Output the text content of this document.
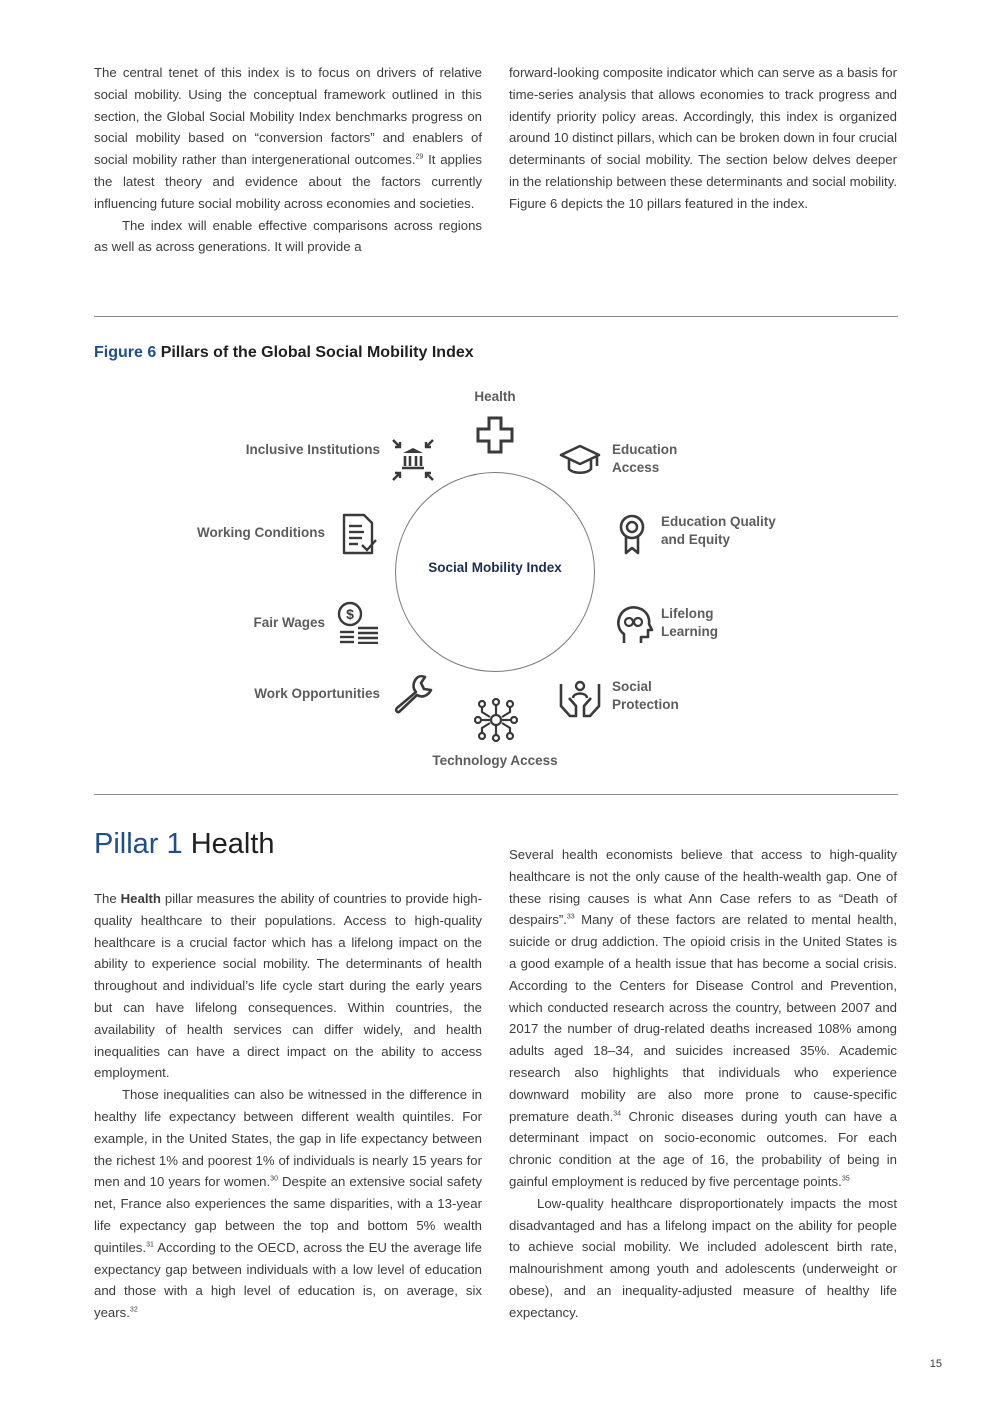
The central tenet of this index is to focus on drivers of relative social mobility. Using the conceptual framework outlined in this section, the Global Social Mobility Index benchmarks progress on social mobility based on “conversion factors” and enablers of social mobility rather than intergenerational outcomes.$^{29}$ It applies the latest theory and evidence about the factors currently influencing future social mobility across economies and societies.

The index will enable effective comparisons across regions as well as across generations. It will provide a

forward-looking composite indicator which can serve as a basis for time-series analysis that allows economies to track progress and identify priority policy areas. Accordingly, this index is organized around 10 distinct pillars, which can be broken down in four crucial determinants of social mobility. The section below delves deeper in the relationship between these determinants and social mobility. Figure 6 depicts the 10 pillars featured in the index.

Figure 6 Pillars of the Global Social Mobility Index
Social Mobility Index
Health
Education Access
Education Quality and Equity
Lifelong Learning
Social Protection
Technology Access
Work Opportunities
Fair Wages
$
Working Conditions
Inclusive Institutions
Pillar 1 Health

The Health pillar measures the ability of countries to provide high-quality healthcare to their populations. Access to high-quality healthcare is a crucial factor which has a lifelong impact on the ability to experience social mobility. The determinants of health throughout and individual’s life cycle start during the early years but can have lifelong consequences. Within countries, the availability of health services can differ widely, and health inequalities can have a direct impact on the ability to access employment.

Those inequalities can also be witnessed in the difference in healthy life expectancy between different wealth quintiles. For example, in the United States, the gap in life expectancy between the richest 1% and poorest 1% of individuals is nearly 15 years for men and 10 years for women.$^{30}$ Despite an extensive social safety net, France also experiences the same disparities, with a 13-year life expectancy gap between the top and bottom 5% wealth quintiles.$^{31}$ According to the OECD, across the EU the average life expectancy gap between individuals with a low level of education and those with a high level of education is, on average, six years.$^{32}$

Several health economists believe that access to high-quality healthcare is not the only cause of the health-wealth gap. One of these rising causes is what Ann Case refers to as “Death of despairs”.$^{33}$ Many of these factors are related to mental health, suicide or drug addiction. The opioid crisis in the United States is a good example of a health issue that has become a social crisis. According to the Centers for Disease Control and Prevention, which conducted research across the country, between 2007 and 2017 the number of drug-related deaths increased 108% among adults aged 18–34, and suicides increased 35%. Academic research also highlights that individuals who experience downward mobility are also more prone to cause-specific premature death.$^{34}$ Chronic diseases during youth can have a determinant impact on socio-economic outcomes. For each chronic condition at the age of 16, the probability of being in gainful employment is reduced by five percentage points.$^{35}$

Low-quality healthcare disproportionately impacts the most disadvantaged and has a lifelong impact on the ability for people to achieve social mobility. We included adolescent birth rate, malnourishment among youth and adolescents (underweight or obese), and an inequality-adjusted measure of healthy life expectancy.

15
